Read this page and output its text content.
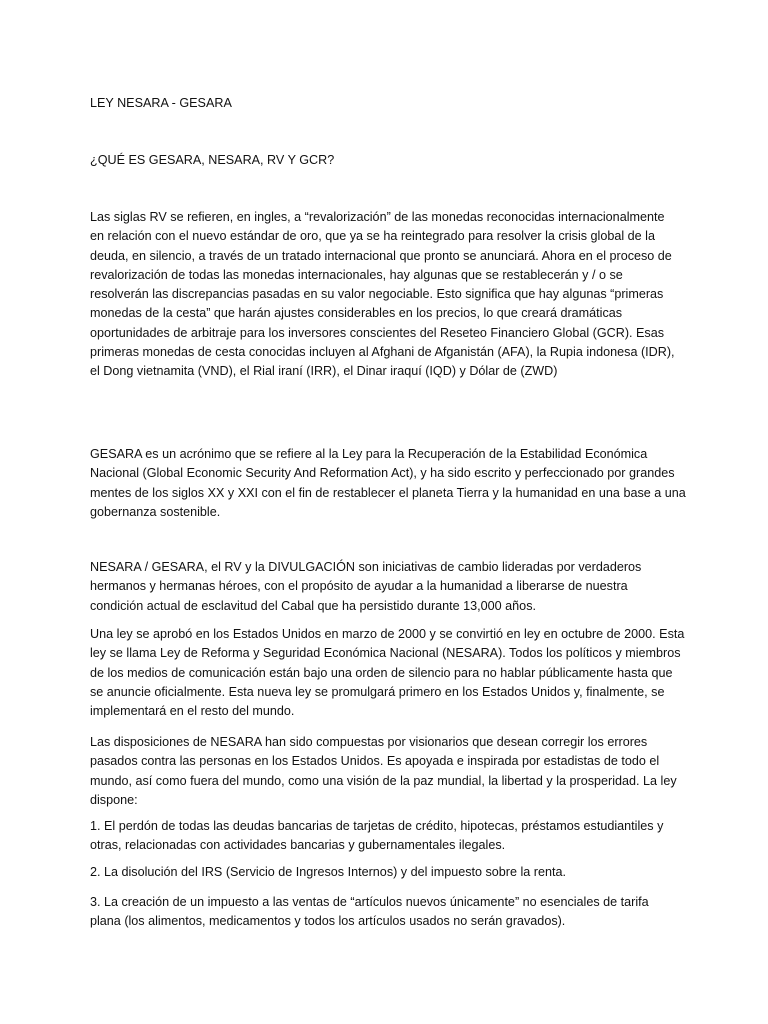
LEY NESARA - GESARA

¿QUÉ ES GESARA, NESARA, RV Y GCR?

Las siglas RV se refieren, en ingles, a “revalorización” de las monedas reconocidas internacionalmente
en relación con el nuevo estándar de oro, que ya se ha reintegrado para resolver la crisis global de la
deuda, en silencio, a través de un tratado internacional que pronto se anunciará. Ahora en el proceso de
revalorización de todas las monedas internacionales, hay algunas que se restablecerán y / o se
resolverán las discrepancias pasadas en su valor negociable. Esto significa que hay algunas “primeras
monedas de la cesta” que harán ajustes considerables en los precios, lo que creará dramáticas
oportunidades de arbitraje para los inversores conscientes del Reseteo Financiero Global (GCR). Esas
primeras monedas de cesta conocidas incluyen al Afghani de Afganistán (AFA), la Rupia indonesa (IDR),
el Dong vietnamita (VND), el Rial iraní (IRR), el Dinar iraquí (IQD) y Dólar de (ZWD)

GESARA es un acrónimo que se refiere al la Ley para la Recuperación de la Estabilidad Económica
Nacional (Global Economic Security And Reformation Act), y ha sido escrito y perfeccionado por grandes
mentes de los siglos XX y XXI con el fin de restablecer el planeta Tierra y la humanidad en una base a una
gobernanza sostenible.

NESARA / GESARA, el RV y la DIVULGACIÓN son iniciativas de cambio lideradas por verdaderos
hermanos y hermanas héroes, con el propósito de ayudar a la humanidad a liberarse de nuestra
condición actual de esclavitud del Cabal que ha persistido durante 13,000 años.

Una ley se aprobó en los Estados Unidos en marzo de 2000 y se convirtió en ley en octubre de 2000. Esta
ley se llama Ley de Reforma y Seguridad Económica Nacional (NESARA). Todos los políticos y miembros
de los medios de comunicación están bajo una orden de silencio para no hablar públicamente hasta que
se anuncie oficialmente. Esta nueva ley se promulgará primero en los Estados Unidos y, finalmente, se
implementará en el resto del mundo.

Las disposiciones de NESARA han sido compuestas por visionarios que desean corregir los errores
pasados contra las personas en los Estados Unidos. Es apoyada e inspirada por estadistas de todo el
mundo, así como fuera del mundo, como una visión de la paz mundial, la libertad y la prosperidad. La ley
dispone:

1. El perdón de todas las deudas bancarias de tarjetas de crédito, hipotecas, préstamos estudiantiles y
otras, relacionadas con actividades bancarias y gubernamentales ilegales.

2. La disolución del IRS (Servicio de Ingresos Internos) y del impuesto sobre la renta.

3. La creación de un impuesto a las ventas de “artículos nuevos únicamente” no esenciales de tarifa
plana (los alimentos, medicamentos y todos los artículos usados no serán gravados).
